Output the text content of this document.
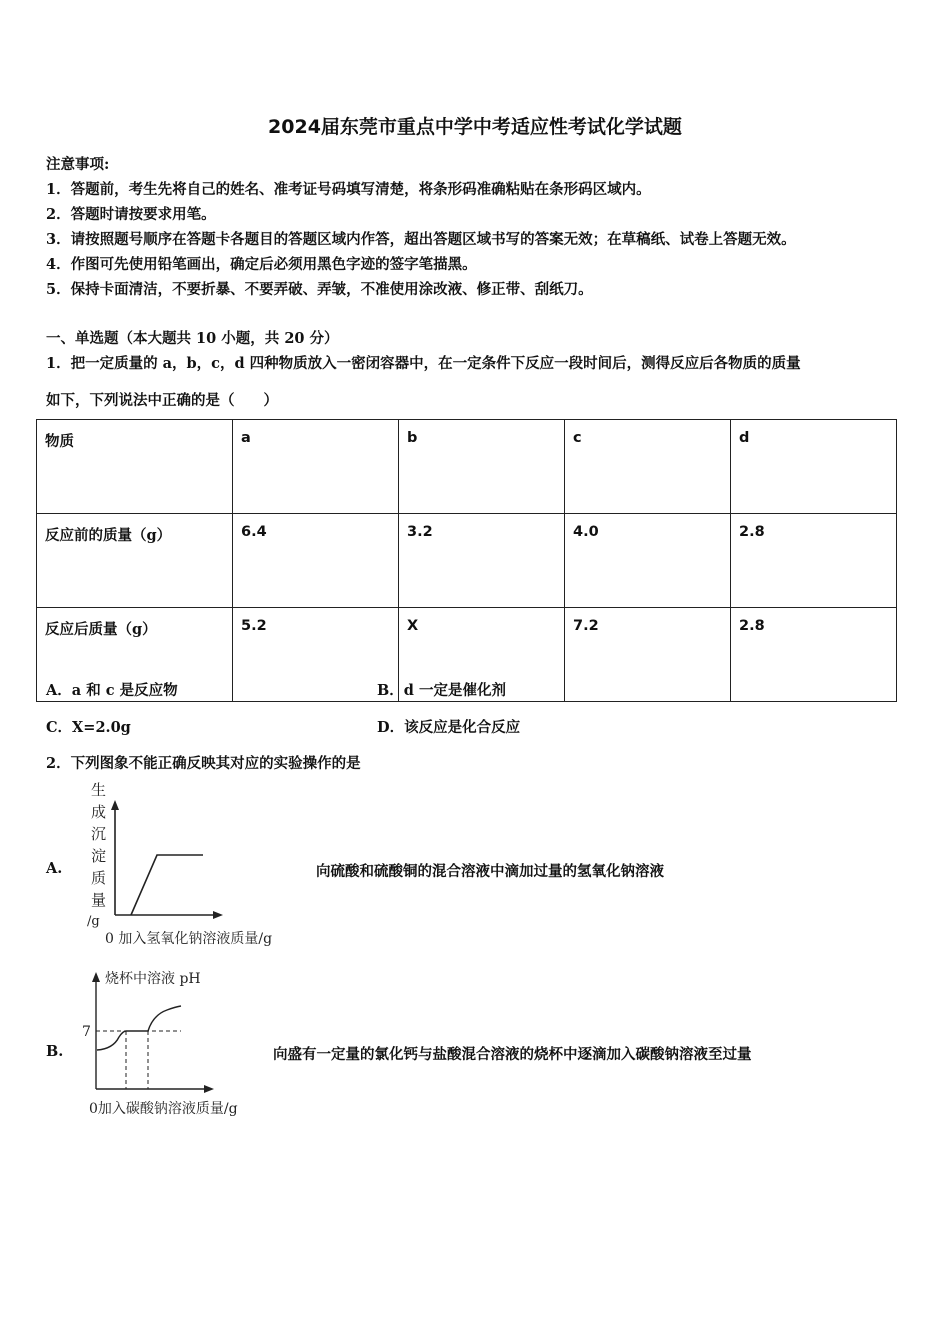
2024届东莞市重点中学中考适应性考试化学试题
注意事项:
1．答题前，考生先将自己的姓名、准考证号码填写清楚，将条形码准确粘贴在条形码区域内。
2．答题时请按要求用笔。
3．请按照题号顺序在答题卡各题目的答题区域内作答，超出答题区域书写的答案无效；在草稿纸、试卷上答题无效。
4．作图可先使用铅笔画出，确定后必须用黑色字迹的签字笔描黑。
5．保持卡面清洁，不要折暴、不要弄破、弄皱，不准使用涂改液、修正带、刮纸刀。
一、单选题（本大题共 10 小题，共 20 分）
1．把一定质量的 a，b，c，d 四种物质放入一密闭容器中，在一定条件下反应一段时间后，测得反应后各物质的质量
如下，下列说法中正确的是（　　）
物质	a	b	c	d
反应前的质量（g）	6.4	3.2	4.0	2.8
反应后质量（g）	5.2	X	7.2	2.8
A．a 和 c 是反应物	B．d 一定是催化剂
C．X=2.0g	D．该反应是化合反应
2．下列图象不能正确反映其对应的实验操作的是
A.
生
成
沉
淀
质
量
/g
0 加入氢氧化钠溶液质量/g
向硫酸和硫酸铜的混合溶液中滴加过量的氢氧化钠溶液
B.
烧杯中溶液 pH
7
0加入碳酸钠溶液质量/g
向盛有一定量的氯化钙与盐酸混合溶液的烧杯中逐滴加入碳酸钠溶液至过量
